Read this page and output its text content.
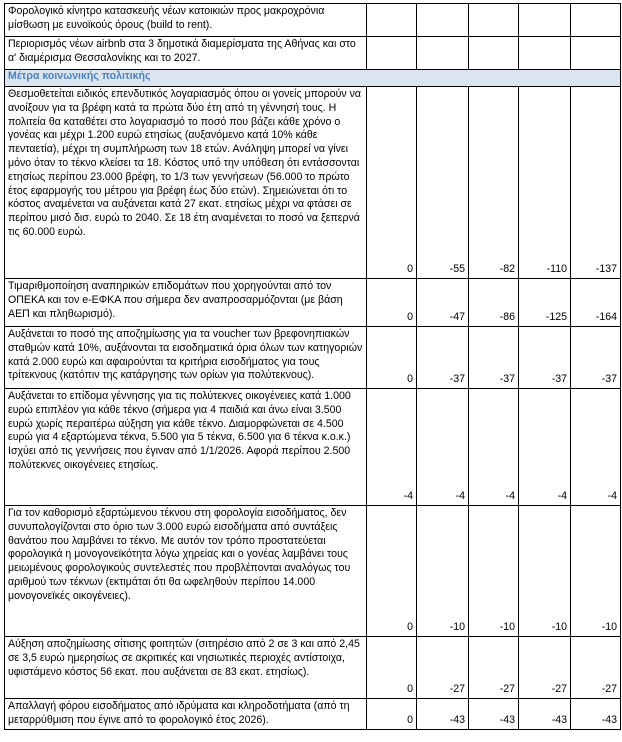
Φορολογικό κίνητρο κατασκευής νέων κατοικιών προς μακροχρόνια μίσθωση με ευνοϊκούς όρους (build to rent).					
Περιορισμός νέων airbnb στα 3 δημοτικά διαμερίσματα της Αθήνας και στο α' διαμέρισμα Θεσσαλονίκης και το 2027.					
Μέτρα κοινωνικής πολιτικής					
Θεσμοθετείται ειδικός επενδυτικός λογαριασμός όπου οι γονείς μπορούν να ανοίξουν για τα βρέφη κατά τα πρώτα δύο έτη από τη γέννησή τους. Η πολιτεία θα καταθέτει στο λογαριασμό το ποσό που βάζει κάθε χρόνο ο γονέας και μέχρι 1.200 ευρώ ετησίως (αυξανόμενο κατά 10% κάθε πενταετία), μέχρι τη συμπλήρωση των 18 ετών. Ανάληψη μπορεί να γίνει μόνο όταν το τέκνο κλείσει τα 18. Κόστος υπό την υπόθεση ότι εντάσσονται ετησίως περίπου 23.000 βρέφη, το 1/3 των γεννήσεων (56.000 το πρώτο έτος εφαρμογής του μέτρου για βρέφη έως δύο ετών). Σημειώνεται ότι το κόστος αναμένεται να αυξάνεται κατά 27 εκατ. ετησίως μέχρι να φτάσει σε περίπου μισό δισ. ευρώ το 2040. Σε 18 έτη αναμένεται το ποσό να ξεπερνά τις 60.000 ευρώ.	0	-55	-82	-110	-137
Τιμαριθμοποίηση αναπηρικών επιδομάτων που χορηγούνται από τον ΟΠΕΚΑ και τον e-ΕΦΚΑ που σήμερα δεν αναπροσαρμόζονται (με βάση ΑΕΠ και πληθωρισμό).	0	-47	-86	-125	-164
Αυξάνεται το ποσό της αποζημίωσης για τα voucher των βρεφονηπιακών σταθμών κατά 10%, αυξάνονται τα εισοδηματικά όρια όλων των κατηγοριών κατά 2.000 ευρώ και αφαιρούνται τα κριτήρια εισοδήματος για τους τρίτεκνους (κατόπιν της κατάργησης των ορίων για πολύτεκνους).	0	-37	-37	-37	-37
Αυξάνεται το επίδομα γέννησης για τις πολύτεκνες οικογένειες κατά 1.000 ευρώ επιπλέον για κάθε τέκνο (σήμερα για 4 παιδιά και άνω είναι 3.500 ευρώ χωρίς περαιτέρω αύξηση για κάθε τέκνο. Διαμορφώνεται σε 4.500 ευρώ για 4 εξαρτώμενα τέκνα, 5.500 για 5 τέκνα, 6.500 για 6 τέκνα κ.ο.κ.) Ισχύει από τις γεννήσεις που έγιναν από 1/1/2026. Αφορά περίπου 2.500 πολύτεκνες οικογένειες ετησίως.	-4	-4	-4	-4	-4
Για τον καθορισμό εξαρτώμενου τέκνου στη φορολογία εισοδήματος, δεν συνυπολογίζονται στο όριο των 3.000 ευρώ εισοδήματα από συντάξεις θανάτου που λαμβάνει το τέκνο. Με αυτόν τον τρόπο προστατεύεται φορολογικά η μονογονεϊκότητα λόγω χηρείας και ο γονέας λαμβάνει τους μειωμένους φορολογικούς συντελεστές που προβλέπονται αναλόγως του αριθμού των τέκνων (εκτιμάται ότι θα ωφεληθούν περίπου 14.000 μονογονεϊκές οικογένειες).	0	-10	-10	-10	-10
Αύξηση αποζημίωσης σίτισης φοιτητών (σιτηρέσιο από 2 σε 3 και από 2,45 σε 3,5 ευρώ ημερησίως σε ακριτικές και νησιωτικές περιοχές αντίστοιχα, υφιστάμενο κόστος 56 εκατ. που αυξάνεται σε 83 εκατ. ετησίως).	0	-27	-27	-27	-27
Απαλλαγή φόρου εισοδήματος από ιδρύματα και κληροδοτήματα (από τη μεταρρύθμιση που έγινε από το φορολογικό έτος 2026).	0	-43	-43	-43	-43
